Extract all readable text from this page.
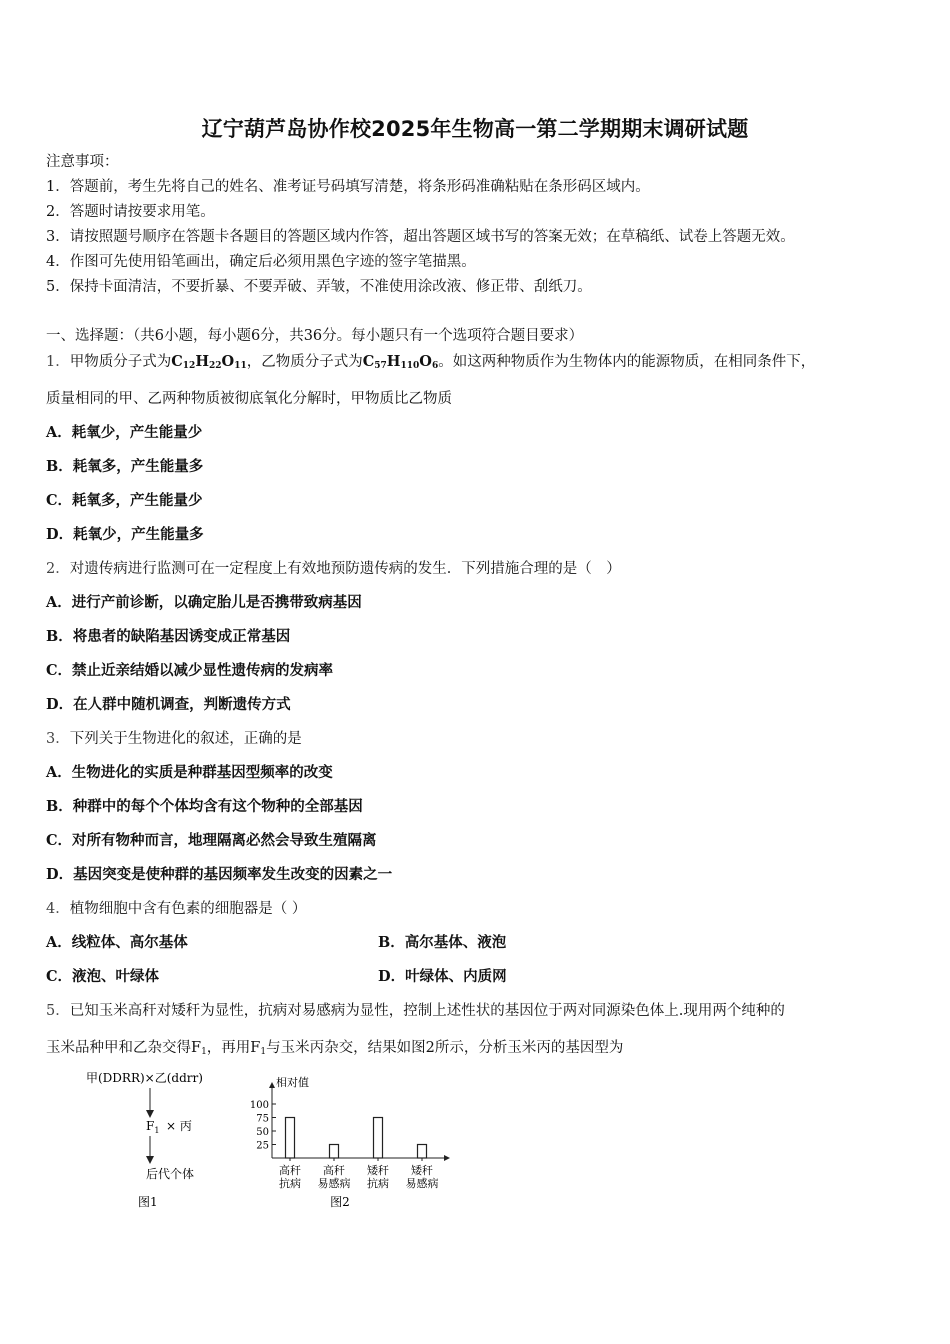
辽宁葫芦岛协作校2025年生物高一第二学期期末调研试题
注意事项：
1．答题前，考生先将自己的姓名、准考证号码填写清楚，将条形码准确粘贴在条形码区域内。
2．答题时请按要求用笔。
3．请按照题号顺序在答题卡各题目的答题区域内作答，超出答题区域书写的答案无效；在草稿纸、试卷上答题无效。
4．作图可先使用铅笔画出，确定后必须用黑色字迹的签字笔描黑。
5．保持卡面清洁，不要折暴、不要弄破、弄皱，不准使用涂改液、修正带、刮纸刀。
一、选择题：（共6小题，每小题6分，共36分。每小题只有一个选项符合题目要求）
1．甲物质分子式为$C_{12}H_{22}O_{11}$，乙物质分子式为$C_{57}H_{110}O_6$。如这两种物质作为生物体内的能源物质，在相同条件下，
质量相同的甲、乙两种物质被彻底氧化分解时，甲物质比乙物质
A．耗氧少，产生能量少
B．耗氧多，产生能量多
C．耗氧多，产生能量少
D．耗氧少，产生能量多
2．对遗传病进行监测可在一定程度上有效地预防遗传病的发生．下列措施合理的是（　）
A．进行产前诊断，以确定胎儿是否携带致病基因
B．将患者的缺陷基因诱变成正常基因
C．禁止近亲结婚以减少显性遗传病的发病率
D．在人群中随机调查，判断遗传方式
3．下列关于生物进化的叙述，正确的是
A．生物进化的实质是种群基因型频率的改变
B．种群中的每个个体均含有这个物种的全部基因
C．对所有物种而言，地理隔离必然会导致生殖隔离
D．基因突变是使种群的基因频率发生改变的因素之一
4．植物细胞中含有色素的细胞器是（ ）
A．线粒体、高尔基体	B．高尔基体、液泡
C．液泡、叶绿体	D．叶绿体、内质网
5．已知玉米高秆对矮秆为显性，抗病对易感病为显性，控制上述性状的基因位于两对同源染色体上.现用两个纯种的
玉米品种甲和乙杂交得$F_1$，再用$F_1$与玉米丙杂交，结果如图2所示，分析玉米丙的基因型为
甲(DDRR)×乙(ddrr)
$F_1$ × 丙
后代个体
图1
相对值
100
75
50
25
高秆
抗病
高秆
易感病
矮秆
抗病
矮秆
易感病
图2
